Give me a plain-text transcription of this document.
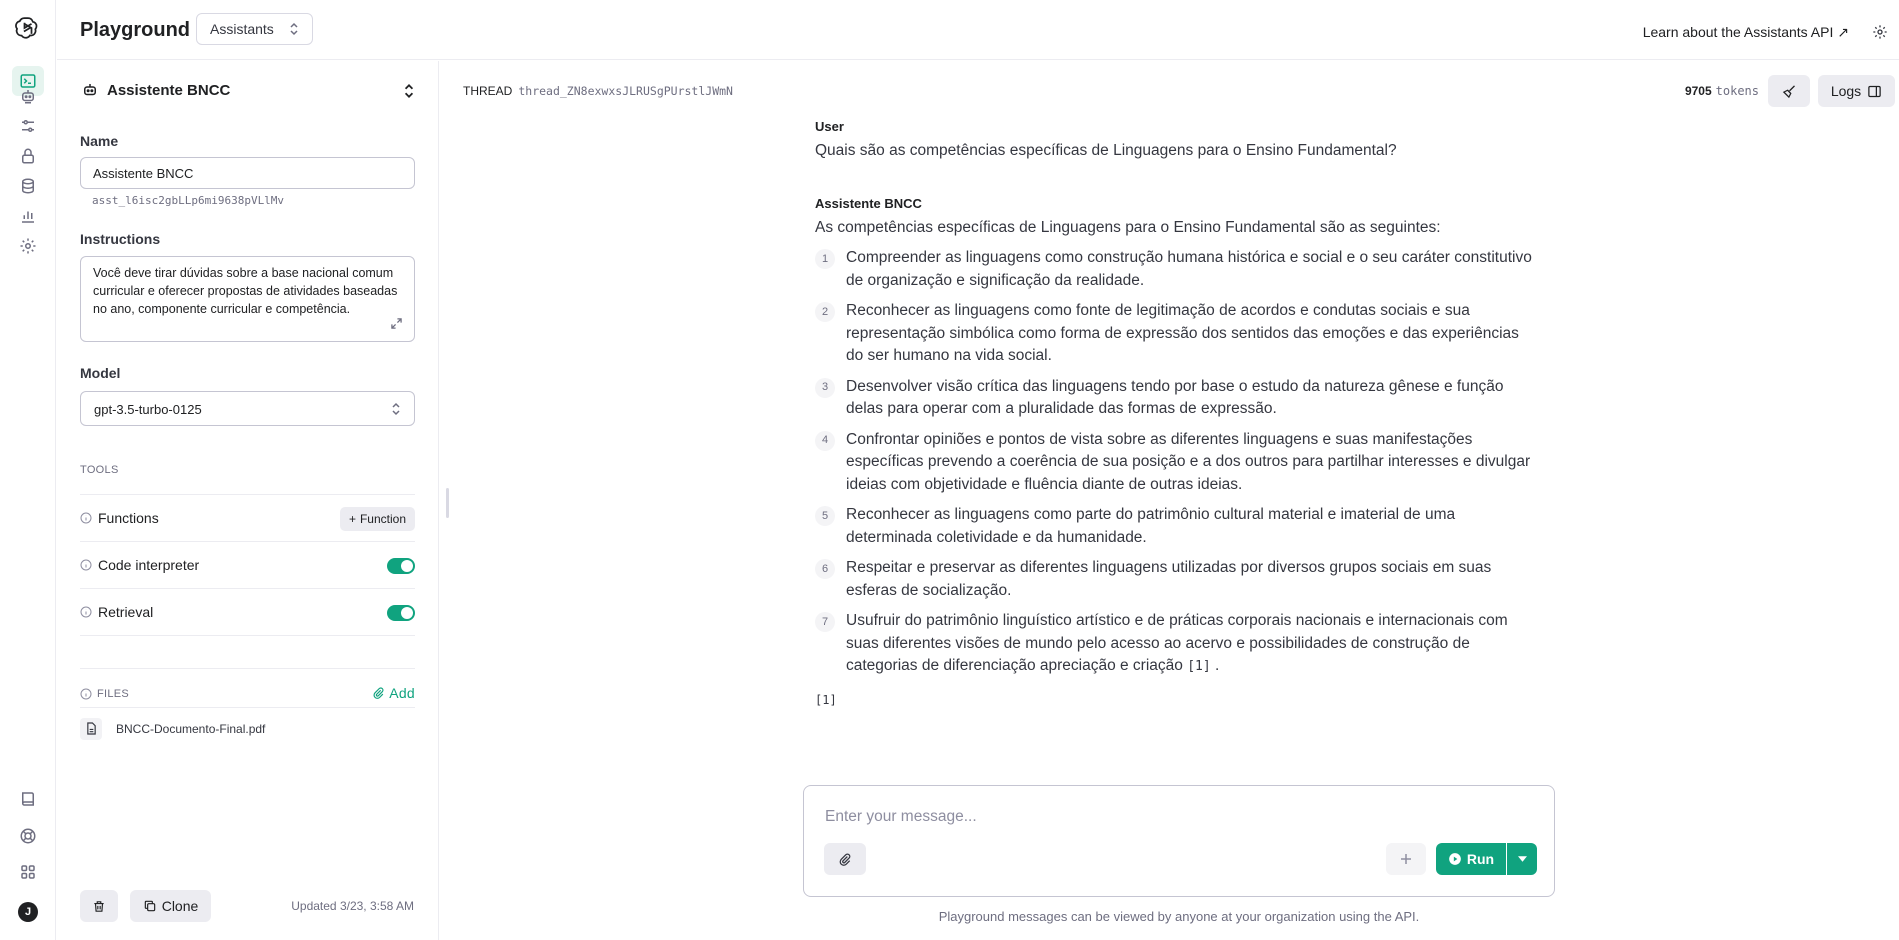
J
Playground Assistants	Learn about the Assistants API ↗
Assistente BNCC
Name
Assistente BNCC
asst_l6isc2gbLLp6mi9638pVLlMv
Instructions
Você deve tirar dúvidas sobre a base nacional comum curricular e oferecer propostas de atividades baseadas no ano, componente curricular e competência.
Model
gpt-3.5-turbo-0125
TOOLS
Functions	+ Function
Code interpreter
Retrieval
FILES	Add
BNCC-Documento-Final.pdf
Clone	Updated 3/23, 3:58 AM
THREAD thread_ZN8exwxsJLRUSgPUrstlJWmN	9705 tokens	Logs
User
Quais são as competências específicas de Linguagens para o Ensino Fundamental?
Assistente BNCC
As competências específicas de Linguagens para o Ensino Fundamental são as seguintes:
1	Compreender as linguagens como construção humana histórica e social e o seu caráter constitutivo de organização e significação da realidade.
2	Reconhecer as linguagens como fonte de legitimação de acordos e condutas sociais e sua representação simbólica como forma de expressão dos sentidos das emoções e das experiências do ser humano na vida social.
3	Desenvolver visão crítica das linguagens tendo por base o estudo da natureza gênese e função delas para operar com a pluralidade das formas de expressão.
4	Confrontar opiniões e pontos de vista sobre as diferentes linguagens e suas manifestações específicas prevendo a coerência de sua posição e a dos outros para partilhar interesses e divulgar ideias com objetividade e fluência diante de outras ideias.
5	Reconhecer as linguagens como parte do patrimônio cultural material e imaterial de uma determinada coletividade e da humanidade.
6	Respeitar e preservar as diferentes linguagens utilizadas por diversos grupos sociais em suas esferas de socialização.
7	Usufruir do patrimônio linguístico artístico e de práticas corporais nacionais e internacionais com suas diferentes visões de mundo pelo acesso ao acervo e possibilidades de construção de categorias de diferenciação apreciação e criação [1] .
[1]
Enter your message...
Run
Playground messages can be viewed by anyone at your organization using the API.
